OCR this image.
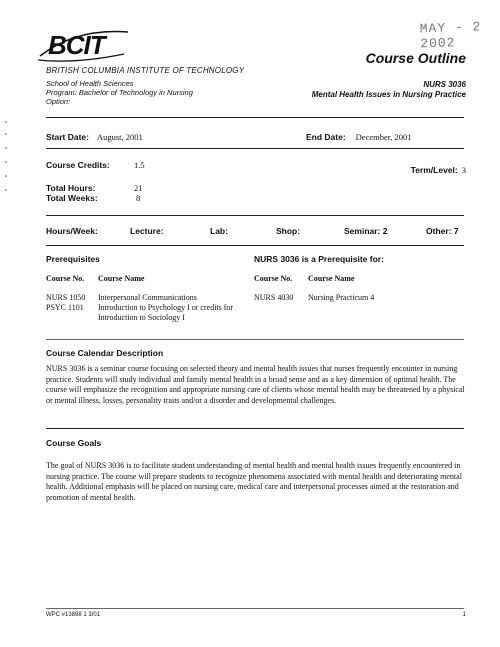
MAY - 2 2002
BCIT	Course Outline
BRITISH COLUMBIA INSTITUTE OF TECHNOLOGY
School of Health Sciences
Program: Bachelor of Technology in Nursing
Option:
NURS 3036
Mental Health Issues in Nursing Practice
Start Date: August, 2001	End Date: December, 2001
Course Credits:	1.5	Term/Level: 3
Total Hours:	21
Total Weeks:	8
Hours/Week:	Lecture:	Lab:	Shop:	Seminar: 2	Other: 7
Prerequisites	NURS 3036 is a Prerequisite for:
Course No. Course Name	Course No. Course Name
NURS 1050 Interpersonal Communications
PSYC 1101 Introduction to Psychology I or credits for Introduction to Sociology I
NURS 4030 Nursing Practicum 4
Course Calendar Description
NURS 3036 is a seminar course focusing on selected theory and mental health issues that nurses frequently encounter in nursing practice. Students will study individual and family mental health in a broad sense and as a key dimension of optimal health. The course will emphasize the recognition and appropriate nursing care of clients whose mental health may be threatened by a physical or mental illness, losses, personality traits and/or a disorder and developmental challenges.
Course Goals
The goal of NURS 3036 is to facilitate student understanding of mental health and mental health issues frequently encountered in nursing practice. The course will prepare students to recognize phenomena associated with mental health and deteriorating mental health. Additional emphasis will be placed on nursing care, medical care and interpersonal processes aimed at the restoration and promotion of mental health.
WPC #13898 1 3/01	1
